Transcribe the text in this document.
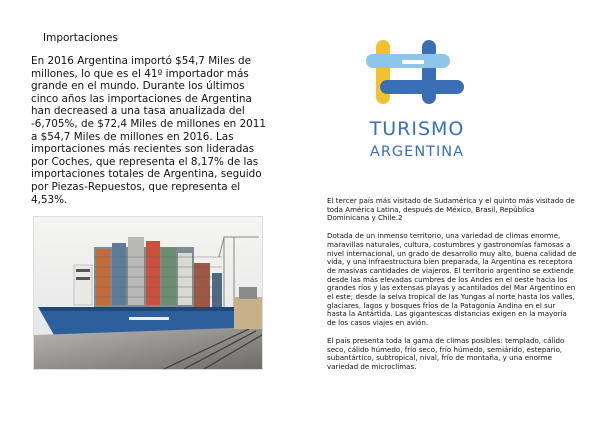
Importaciones
En 2016 Argentina importó $54,7 Miles de millones, lo que es el 41º importador más grande en el mundo. Durante los últimos cinco años las importaciones de Argentina han decreased a una tasa anualizada del -6,705%, de $72,4 Miles de millones en 2011 a $54,7 Miles de millones en 2016. Las importaciones más recientes son lideradas por Coches, que representa el 8,17% de las importaciones totales de Argentina, seguido por Piezas-Repuestos, que representa el 4,53%.
TURISMO
ARGENTINA

El tercer país más visitado de Sudamérica y el quinto más visitado de toda América Latina, después de México, Brasil, República Dominicana y Chile.2

Dotada de un inmenso territorio, una variedad de climas enorme, maravillas naturales, cultura, costumbres y gastronomías famosas a nivel internacional, un grado de desarrollo muy alto, buena calidad de vida, y una infraestructura bien preparada, la Argentina es receptora de masivas cantidades de viajeros. El territorio argentino se extiende desde las más elevadas cumbres de los Andes en el oeste hacia los grandes ríos y las extensas playas y acantilados del Mar Argentino en el este; desde la selva tropical de las Yungas al norte hasta los valles, glaciares, lagos y bosques fríos de la Patagonia Andina en el sur hasta la Antártida. Las gigantescas distancias exigen en la mayoría de los casos viajes en avión.

El país presenta toda la gama de climas posibles: templado, cálido seco, cálido húmedo, frío seco, frío húmedo, semiárido, estepario, subantártico, subtropical, nival, frío de montaña, y una enorme variedad de microclimas.
